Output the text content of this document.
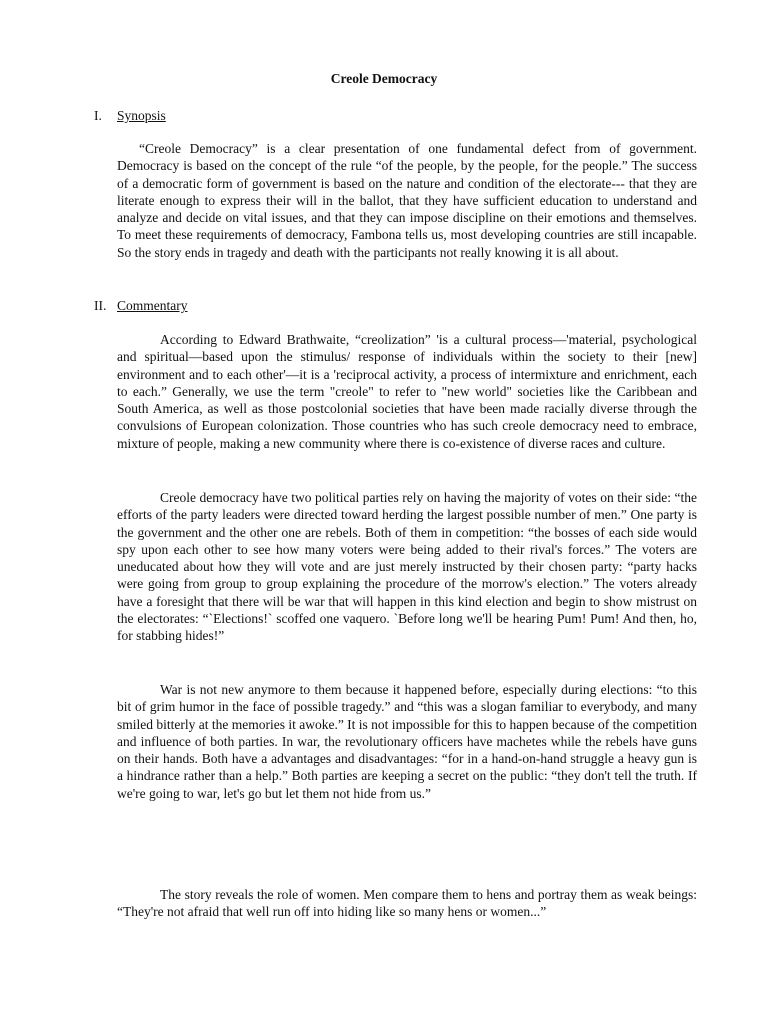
Creole Democracy
I. Synopsis

“Creole Democracy” is a clear presentation of one fundamental defect from of government. Democracy is based on the concept of the rule “of the people, by the people, for the people.” The success of a democratic form of government is based on the nature and condition of the electorate--- that they are literate enough to express their will in the ballot, that they have sufficient education to understand and analyze and decide on vital issues, and that they can impose discipline on their emotions and themselves. To meet these requirements of democracy, Fambona tells us, most developing countries are still incapable. So the story ends in tragedy and death with the participants not really knowing it is all about.

II. Commentary

According to Edward Brathwaite, “creolization” 'is a cultural process—'material, psychological and spiritual—based upon the stimulus/ response of individuals within the society to their [new] environment and to each other'—it is a 'reciprocal activity, a process of intermixture and enrichment, each to each.” Generally, we use the term "creole" to refer to "new world" societies like the Caribbean and South America, as well as those postcolonial societies that have been made racially diverse through the convulsions of European colonization. Those countries who has such creole democracy need to embrace, mixture of people, making a new community where there is co-existence of diverse races and culture.

Creole democracy have two political parties rely on having the majority of votes on their side: “the efforts of the party leaders were directed toward herding the largest possible number of men.” One party is the government and the other one are rebels. Both of them in competition: “the bosses of each side would spy upon each other to see how many voters were being added to their rival's forces.” The voters are uneducated about how they will vote and are just merely instructed by their chosen party: “party hacks were going from group to group explaining the procedure of the morrow's election.” The voters already have a foresight that there will be war that will happen in this kind election and begin to show mistrust on the electorates: “`Elections!` scoffed one vaquero. `Before long we'll be hearing Pum! Pum! And then, ho, for stabbing hides!”

War is not new anymore to them because it happened before, especially during elections: “to this bit of grim humor in the face of possible tragedy.” and “this was a slogan familiar to everybody, and many smiled bitterly at the memories it awoke.” It is not impossible for this to happen because of the competition and influence of both parties. In war, the revolutionary officers have machetes while the rebels have guns on their hands. Both have a advantages and disadvantages: “for in a hand-on-hand struggle a heavy gun is a hindrance rather than a help.” Both parties are keeping a secret on the public: “they don't tell the truth. If we're going to war, let's go but let them not hide from us.”

The story reveals the role of women. Men compare them to hens and portray them as weak beings: “They're not afraid that well run off into hiding like so many hens or women...”
